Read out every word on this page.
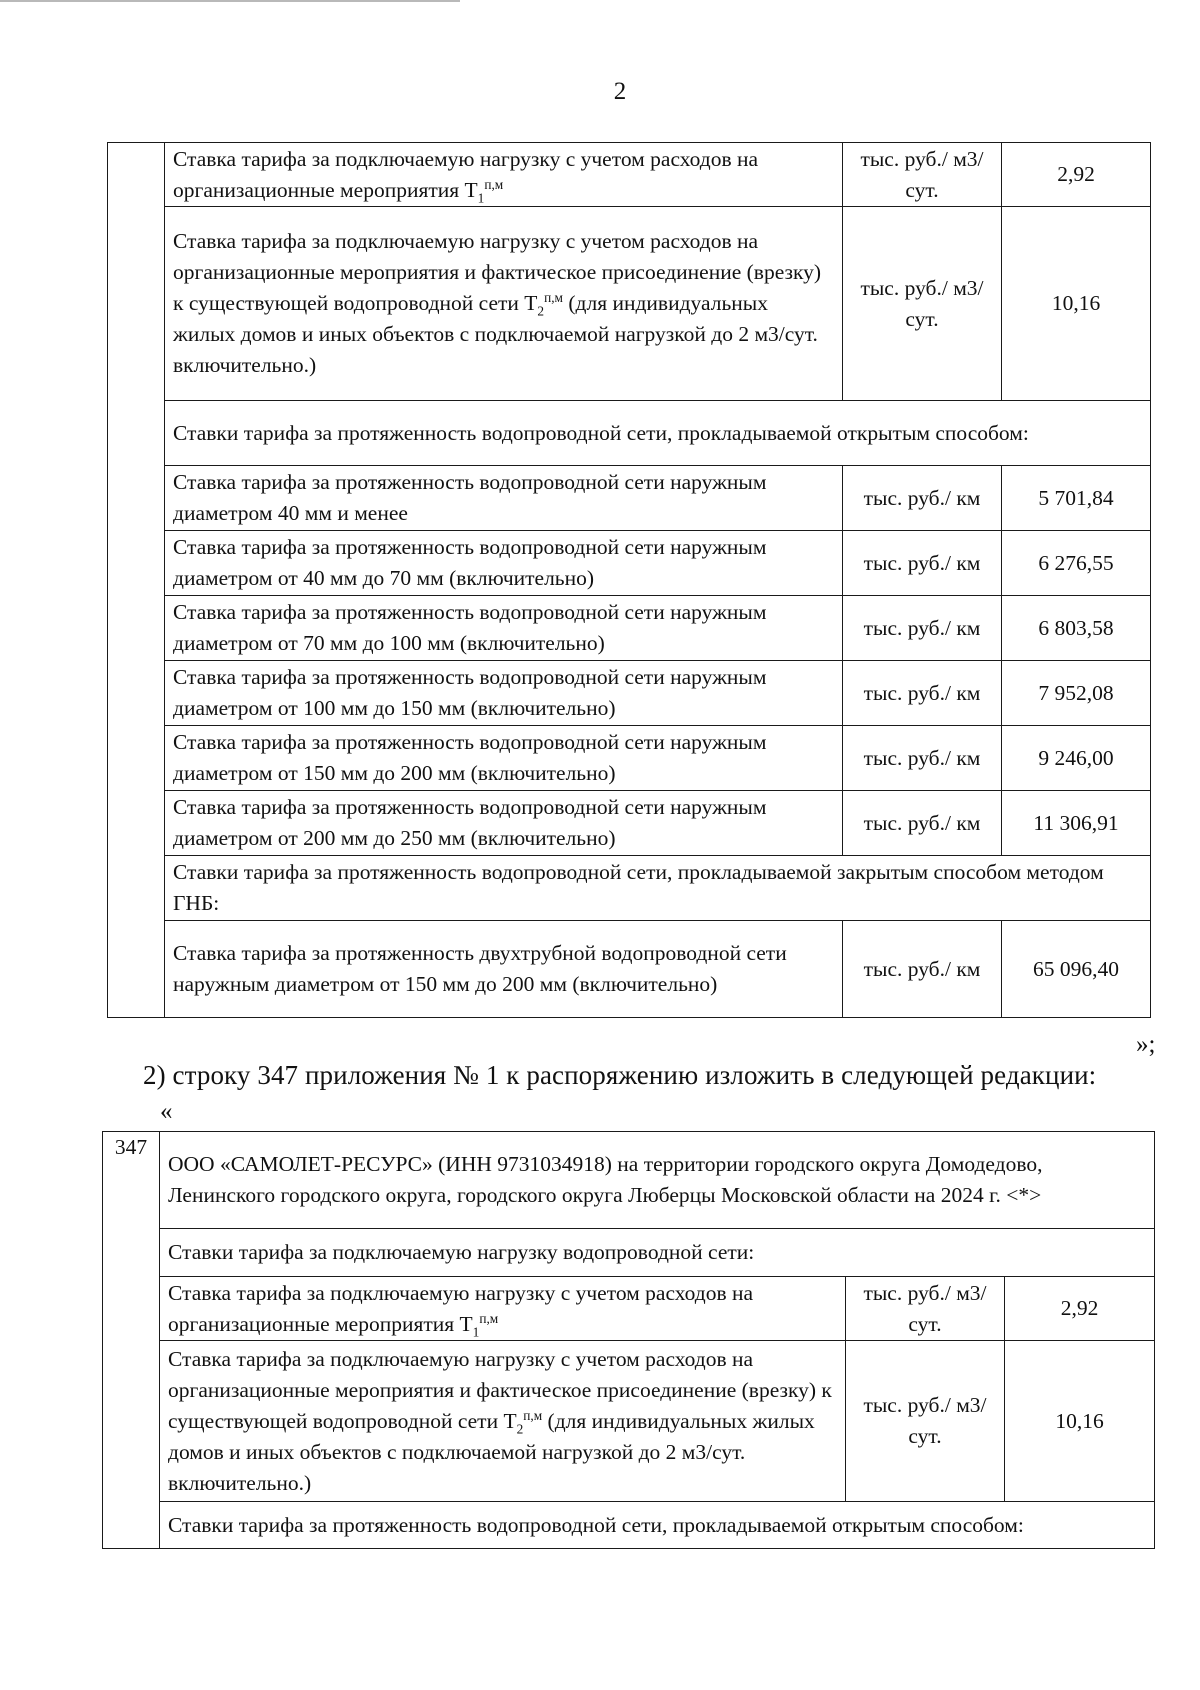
2
	Ставка тарифа за подключаемую нагрузку с учетом расходов на организационные мероприятия $T_1^{п,м}$	тыс. руб./ м3/сут.	2,92
	Ставка тарифа за подключаемую нагрузку с учетом расходов на организационные мероприятия и фактическое присоединение (врезку) к существующей водопроводной сети $T_2^{п,м}$ (для индивидуальных жилых домов и иных объектов с подключаемой нагрузкой до 2 м3/сут. включительно.)	тыс. руб./ м3/сут.	10,16
	Ставки тарифа за протяженность водопроводной сети, прокладываемой открытым способом:		
	Ставка тарифа за протяженность водопроводной сети наружным диаметром 40 мм и менее	тыс. руб./ км	5 701,84
	Ставка тарифа за протяженность водопроводной сети наружным диаметром от 40 мм до 70 мм (включительно)	тыс. руб./ км	6 276,55
	Ставка тарифа за протяженность водопроводной сети наружным диаметром от 70 мм до 100 мм (включительно)	тыс. руб./ км	6 803,58
	Ставка тарифа за протяженность водопроводной сети наружным диаметром от 100 мм до 150 мм (включительно)	тыс. руб./ км	7 952,08
	Ставка тарифа за протяженность водопроводной сети наружным диаметром от 150 мм до 200 мм (включительно)	тыс. руб./ км	9 246,00
	Ставка тарифа за протяженность водопроводной сети наружным диаметром от 200 мм до 250 мм (включительно)	тыс. руб./ км	11 306,91
	Ставки тарифа за протяженность водопроводной сети, прокладываемой закрытым способом методом ГНБ:		
	Ставка тарифа за протяженность двухтрубной водопроводной сети наружным диаметром от 150 мм до 200 мм (включительно)	тыс. руб./ км	65 096,40
»;
2) строку 347 приложения № 1 к распоряжению изложить в следующей редакции:
«
347	ООО «САМОЛЕТ-РЕСУРС» (ИНН 9731034918) на территории городского округа Домодедово, Ленинского городского округа, городского округа Люберцы Московской области на 2024 г. <*>		
	Ставки тарифа за подключаемую нагрузку водопроводной сети:		
	Ставка тарифа за подключаемую нагрузку с учетом расходов на организационные мероприятия $T_1^{п,м}$	тыс. руб./ м3/сут.	2,92
	Ставка тарифа за подключаемую нагрузку с учетом расходов на организационные мероприятия и фактическое присоединение (врезку) к существующей водопроводной сети $T_2^{п,м}$ (для индивидуальных жилых домов и иных объектов с подключаемой нагрузкой до 2 м3/сут. включительно.)	тыс. руб./ м3/сут.	10,16
	Ставки тарифа за протяженность водопроводной сети, прокладываемой открытым способом:		
